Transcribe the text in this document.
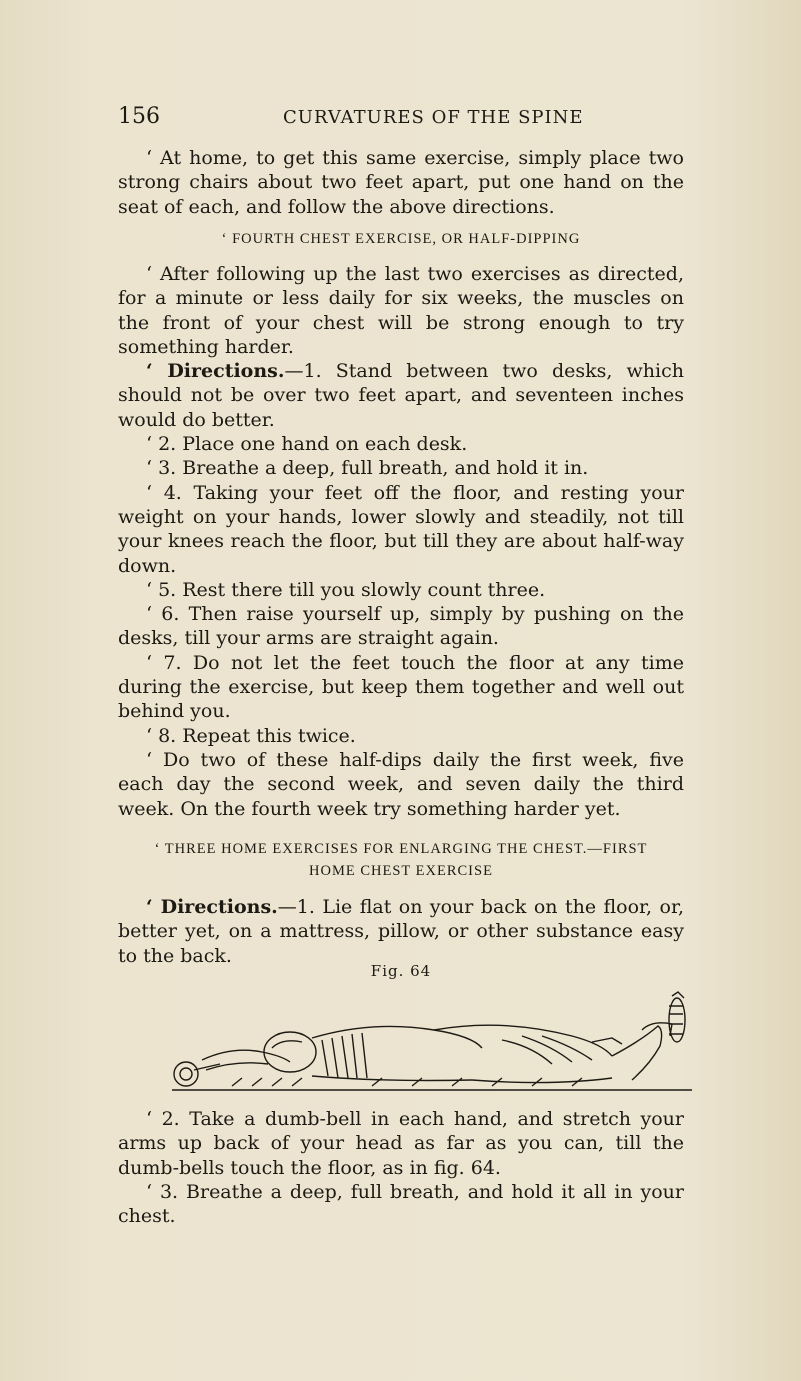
156	CURVATURES OF THE SPINE

‘ At home, to get this same exercise, simply place two strong chairs about two feet apart, put one hand on the seat of each, and follow the above directions.

‘ FOURTH CHEST EXERCISE, OR HALF-DIPPING

‘ After following up the last two exercises as directed, for a minute or less daily for six weeks, the muscles on the front of your chest will be strong enough to try something harder.

‘ Directions.—1. Stand between two desks, which should not be over two feet apart, and seventeen inches would do better.

‘ 2. Place one hand on each desk.

‘ 3. Breathe a deep, full breath, and hold it in.

‘ 4. Taking your feet off the floor, and resting your weight on your hands, lower slowly and steadily, not till your knees reach the floor, but till they are about half-way down.

‘ 5. Rest there till you slowly count three.

‘ 6. Then raise yourself up, simply by pushing on the desks, till your arms are straight again.

‘ 7. Do not let the feet touch the floor at any time during the exercise, but keep them together and well out behind you.

‘ 8. Repeat this twice.

‘ Do two of these half-dips daily the first week, five each day the second week, and seven daily the third week. On the fourth week try something harder yet.

‘ THREE HOME EXERCISES FOR ENLARGING THE CHEST.—FIRST
HOME CHEST EXERCISE

‘ Directions.—1. Lie flat on your back on the floor, or, better yet, on a mattress, pillow, or other substance easy to the back.

Fig. 64

‘ 2. Take a dumb-bell in each hand, and stretch your arms up back of your head as far as you can, till the dumb-bells touch the floor, as in fig. 64.

‘ 3. Breathe a deep, full breath, and hold it all in your chest.
